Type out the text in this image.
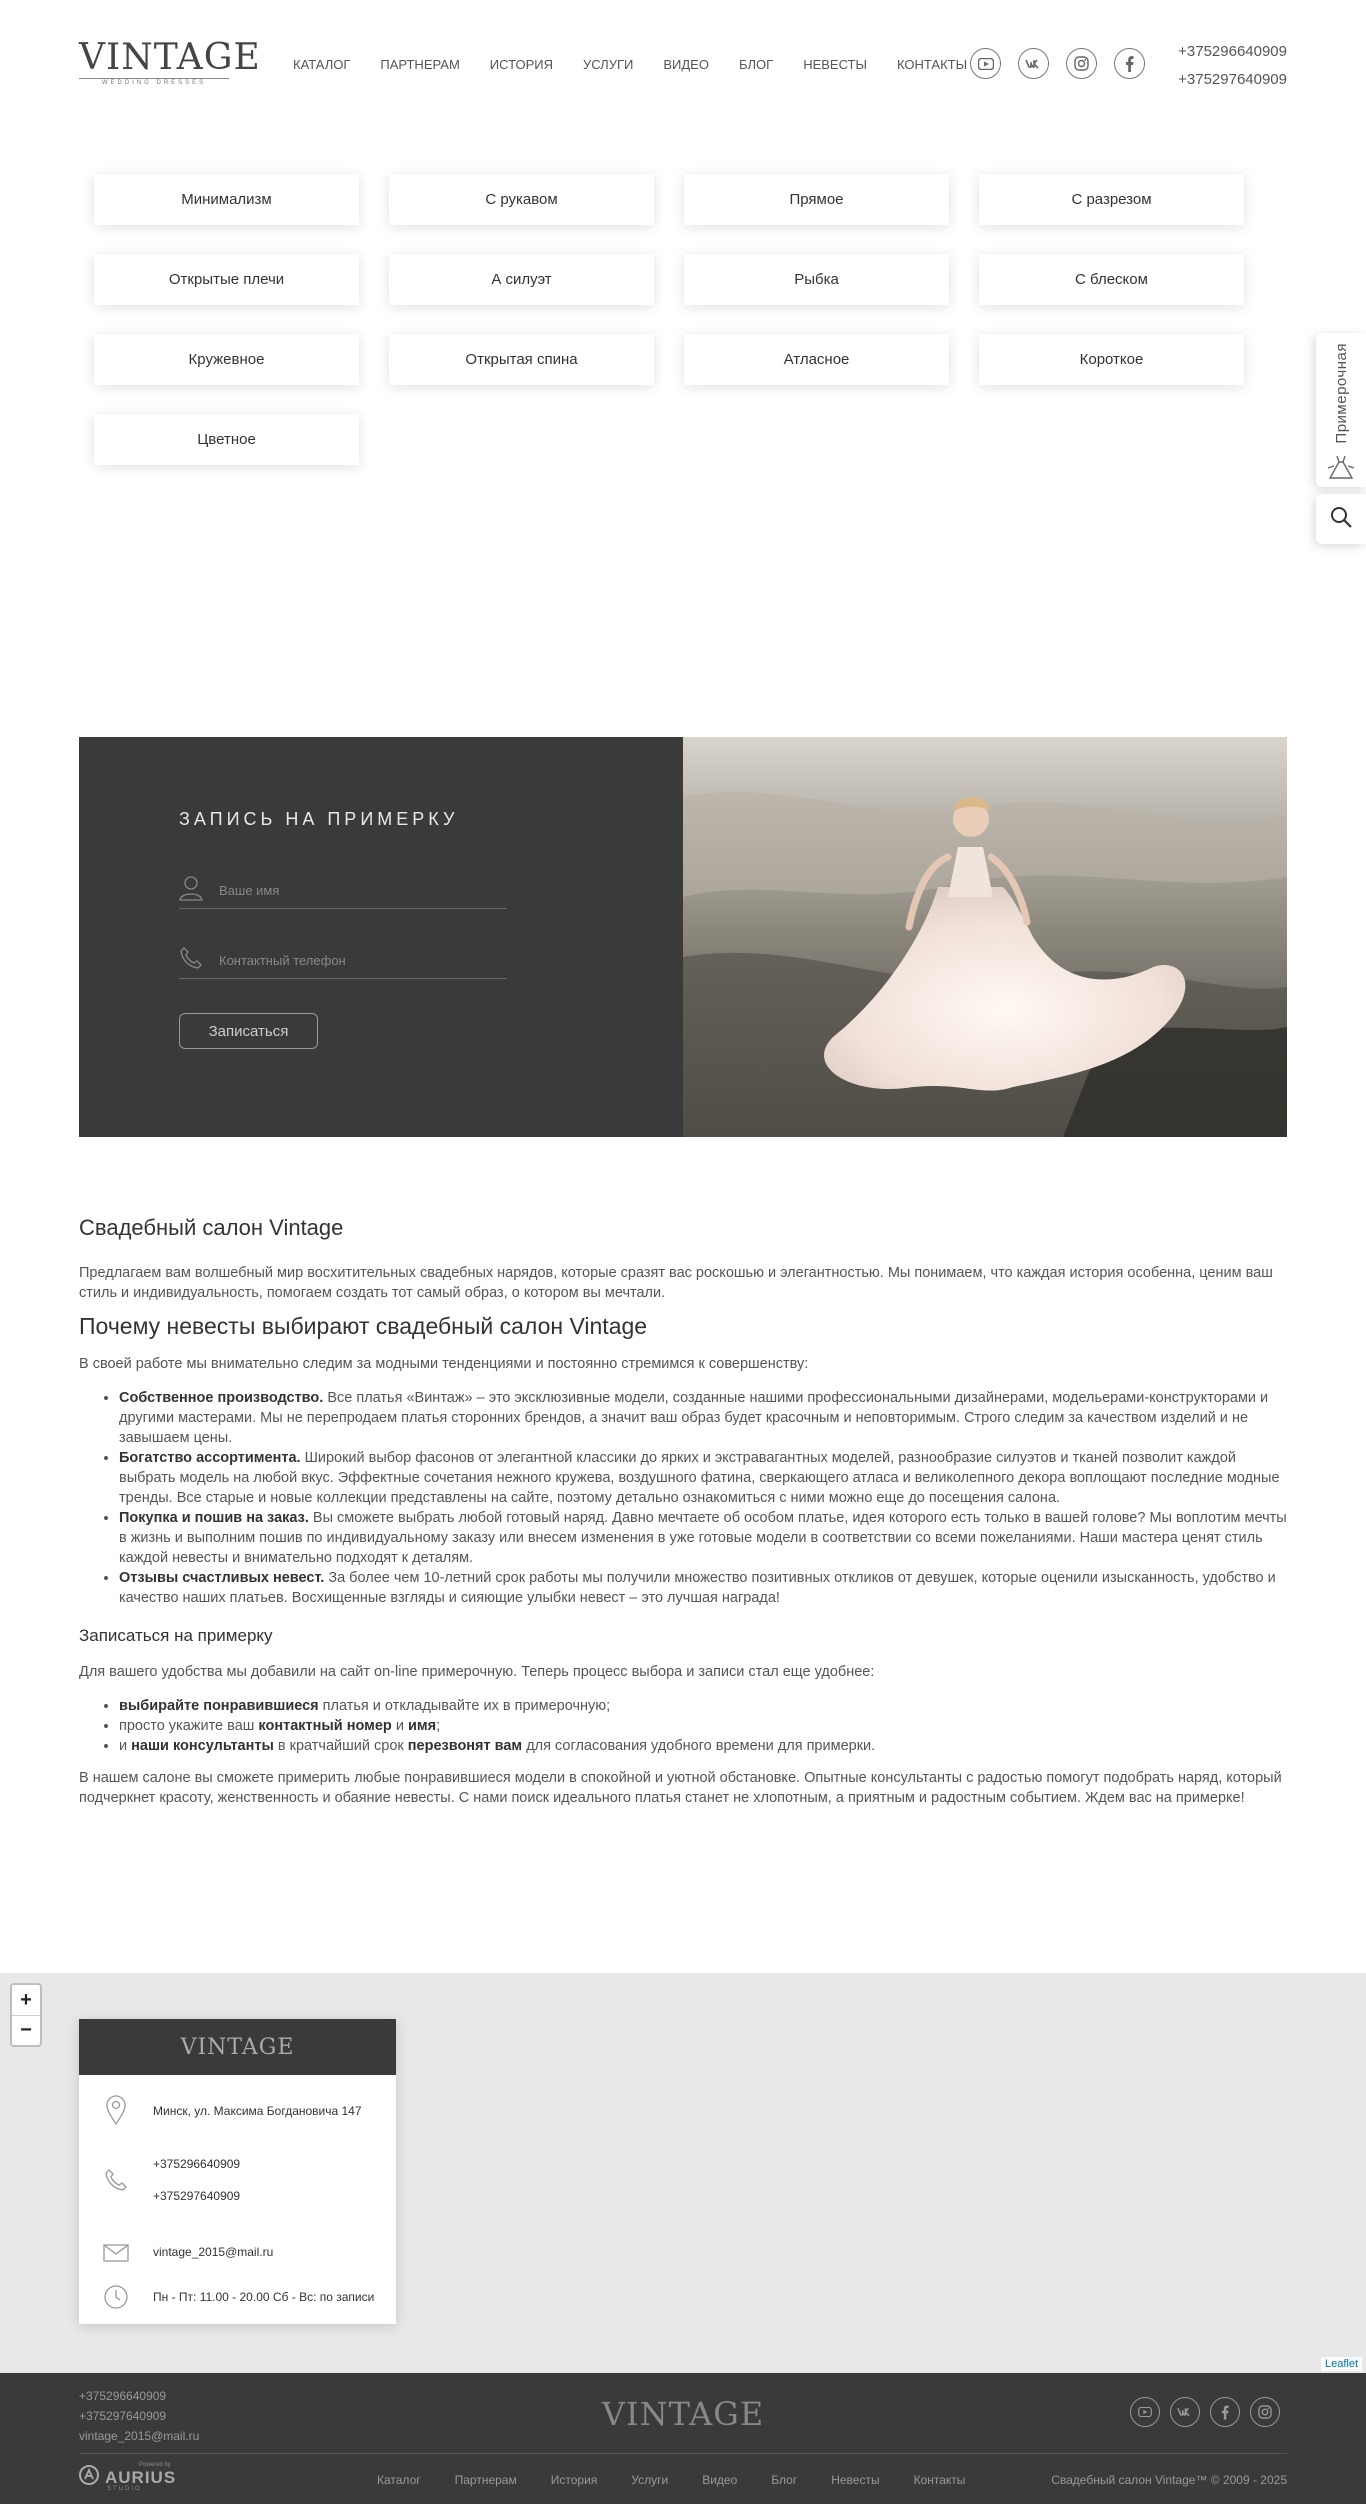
VINTAGE
WEDDING DRESSES
КАТАЛОГ ПАРТНЕРАМ ИСТОРИЯ УСЛУГИ ВИДЕО БЛОГ НЕВЕСТЫ КОНТАКТЫ
+375296640909
+375297640909
Минимализм	С рукавом	Прямое	С разрезом
Открытые плечи	А силуэт	Рыбка	С блеском
Кружевное	Открытая спина	Атласное	Короткое
Цветное	Примерочная
ЗАПИСЬ НА ПРИМЕРКУ
Ваше имя
Контактный телефон
Записаться
Свадебный салон Vintage

Предлагаем вам волшебный мир восхитительных свадебных нарядов, которые сразят вас роскошью и элегантностью. Мы понимаем, что каждая история особенна, ценим ваш стиль и индивидуальность, помогаем создать тот самый образ, о котором вы мечтали.

Почему невесты выбирают свадебный салон Vintage

В своей работе мы внимательно следим за модными тенденциями и постоянно стремимся к совершенству:

• Собственное производство. Все платья «Винтаж» – это эксклюзивные модели, созданные нашими профессиональными дизайнерами, модельерами-конструкторами и другими мастерами. Мы не перепродаем платья сторонних брендов, а значит ваш образ будет красочным и неповторимым. Строго следим за качеством изделий и не завышаем цены.
• Богатство ассортимента. Широкий выбор фасонов от элегантной классики до ярких и экстравагантных моделей, разнообразие силуэтов и тканей позволит каждой выбрать модель на любой вкус. Эффектные сочетания нежного кружева, воздушного фатина, сверкающего атласа и великолепного декора воплощают последние модные тренды. Все старые и новые коллекции представлены на сайте, поэтому детально ознакомиться с ними можно еще до посещения салона.
• Покупка и пошив на заказ. Вы сможете выбрать любой готовый наряд. Давно мечтаете об особом платье, идея которого есть только в вашей голове? Мы воплотим мечты в жизнь и выполним пошив по индивидуальному заказу или внесем изменения в уже готовые модели в соответствии со всеми пожеланиями. Наши мастера ценят стиль каждой невесты и внимательно подходят к деталям.
• Отзывы счастливых невест. За более чем 10-летний срок работы мы получили множество позитивных откликов от девушек, которые оценили изысканность, удобство и качество наших платьев. Восхищенные взгляды и сияющие улыбки невест – это лучшая награда!
Записаться на примерку

Для вашего удобства мы добавили на сайт on-line примерочную. Теперь процесс выбора и записи стал еще удобнее:

• выбирайте понравившиеся платья и откладывайте их в примерочную;
• просто укажите ваш контактный номер и имя;
• и наши консультанты в кратчайший срок перезвонят вам для согласования удобного времени для примерки.

В нашем салоне вы сможете примерить любые понравившиеся модели в спокойной и уютной обстановке. Опытные консультанты с радостью помогут подобрать наряд, который подчеркнет красоту, женственность и обаяние невесты. С нами поиск идеального платья станет не хлопотным, а приятным и радостным событием. Ждем вас на примерке!

+
−
Leaflet
VINTAGE
Минск, ул. Максима Богдановича 147
+375296640909
+375297640909
vintage_2015@mail.ru
Пн - Пт: 11.00 - 20.00 Сб - Вс: по записи
+375296640909
+375297640909
vintage_2015@mail.ru
VINTAGE
Powered by
AURIUS
STUDIO
Каталог	Партнерам	История	Услуги	Видео	Блог	Невесты	Контакты	Свадебный салон Vintage™ © 2009 - 2025
